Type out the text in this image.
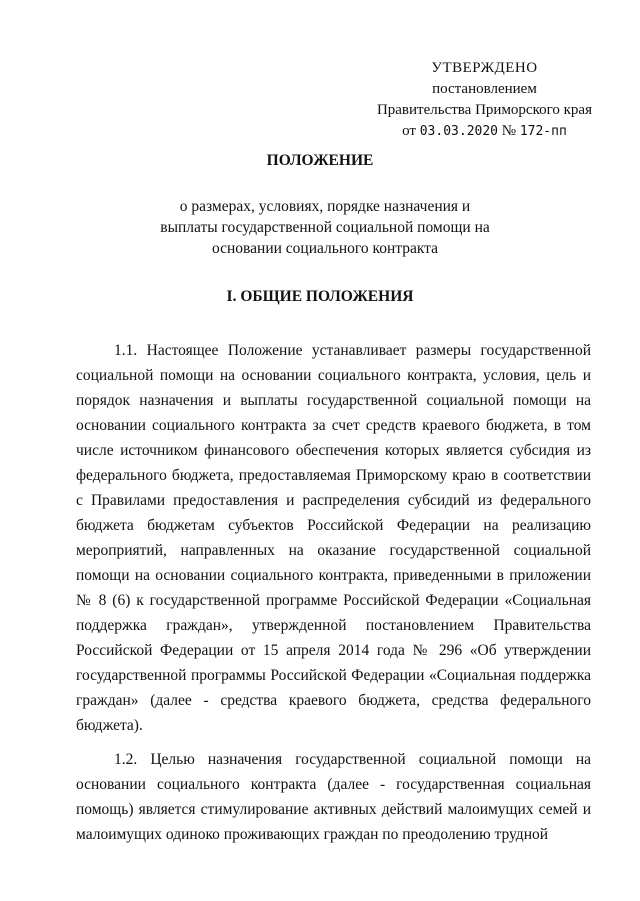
УТВЕРЖДЕНО
постановлением
Правительства Приморского края
от 03.03.2020 № 172-пп
ПОЛОЖЕНИЕ
о размерах, условиях, порядке назначения и выплаты государственной социальной помощи на основании социального контракта
I. ОБЩИЕ ПОЛОЖЕНИЯ
1.1. Настоящее Положение устанавливает размеры государственной социальной помощи на основании социального контракта, условия, цель и порядок назначения и выплаты государственной социальной помощи на основании социального контракта за счет средств краевого бюджета, в том числе источником финансового обеспечения которых является субсидия из федерального бюджета, предоставляемая Приморскому краю в соответствии с Правилами предоставления и распределения субсидий из федерального бюджета бюджетам субъектов Российской Федерации на реализацию мероприятий, направленных на оказание государственной социальной помощи на основании социального контракта, приведенными в приложении № 8 (6) к государственной программе Российской Федерации «Социальная поддержка граждан», утвержденной постановлением Правительства Российской Федерации от 15 апреля 2014 года № 296 «Об утверждении государственной программы Российской Федерации «Социальная поддержка граждан» (далее - средства краевого бюджета, средства федерального бюджета).
1.2. Целью назначения государственной социальной помощи на основании социального контракта (далее - государственная социальная помощь) является стимулирование активных действий малоимущих семей и малоимущих одиноко проживающих граждан по преодолению трудной
